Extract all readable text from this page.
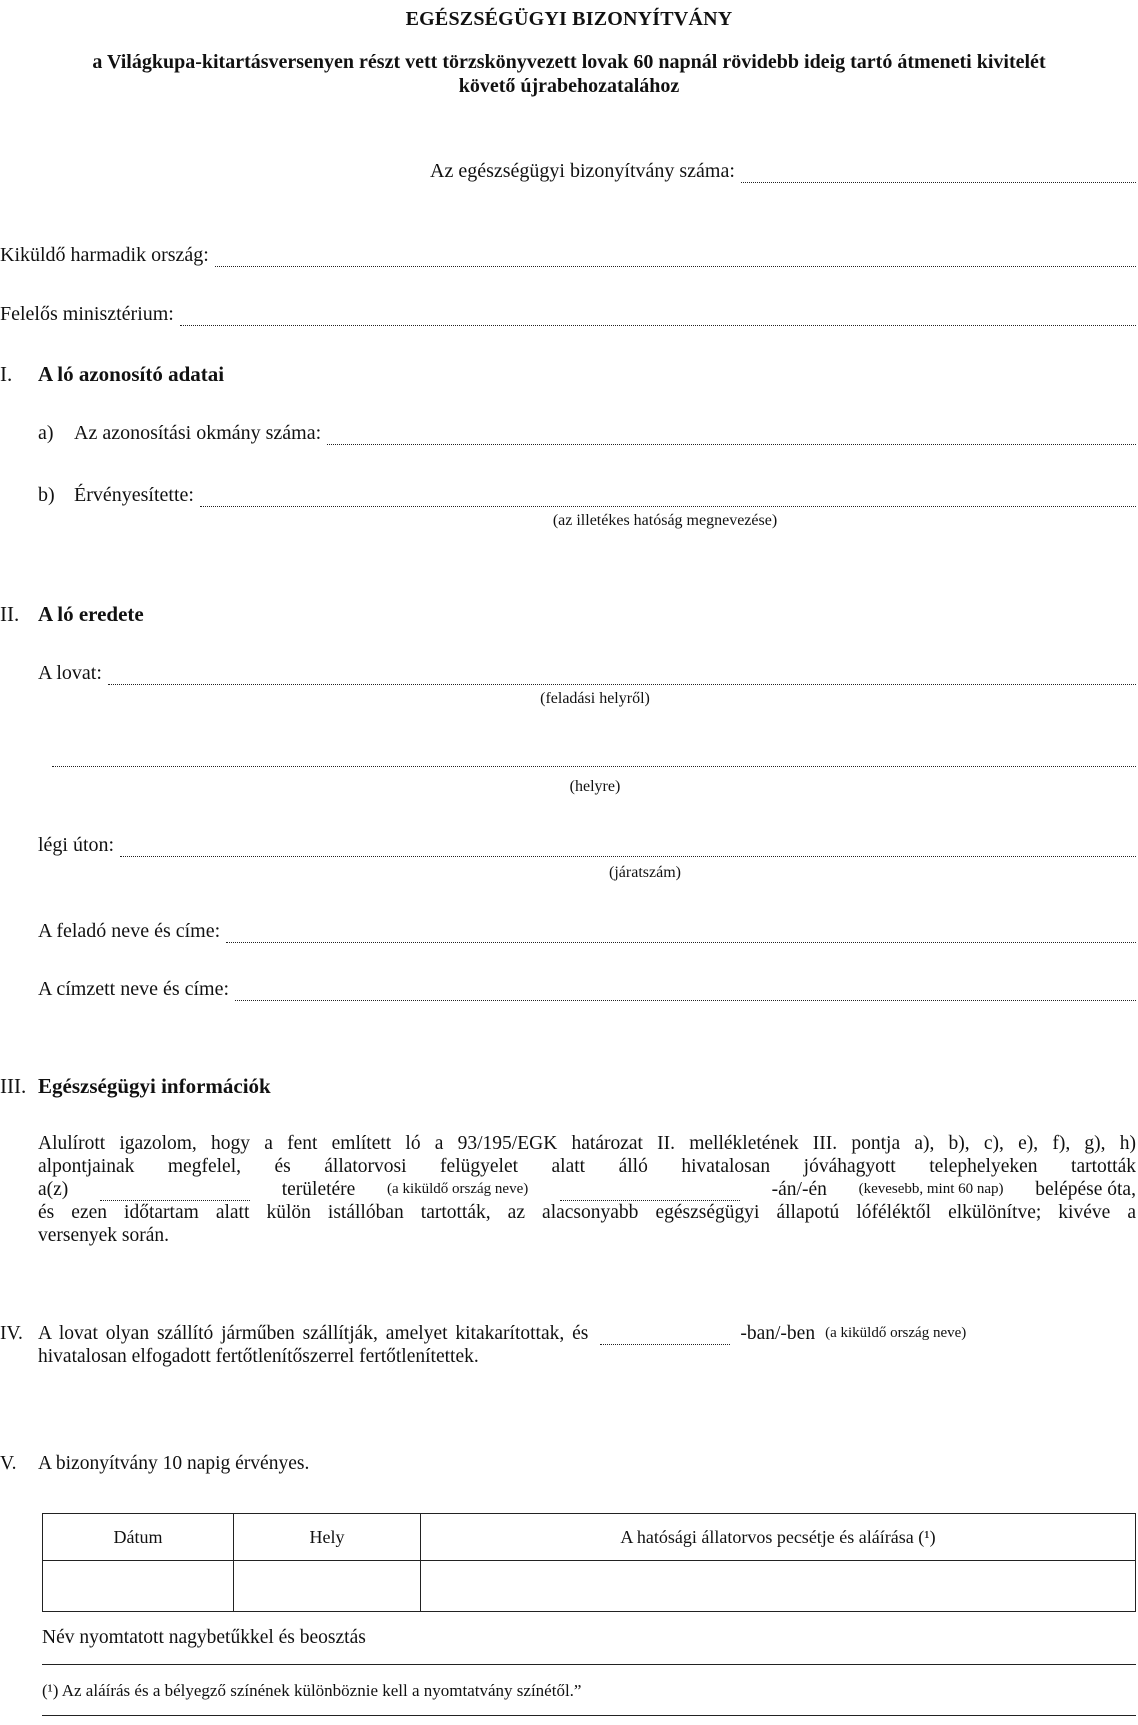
EGÉSZSÉGÜGYI BIZONYÍTVÁNY
a Világkupa-kitartásversenyen részt vett törzskönyvezett lovak 60 napnál rövidebb ideig tartó átmeneti kivitelét
követő újrabehozatalához
Az egészségügyi bizonyítvány száma:
Kiküldő harmadik ország:
Felelős minisztérium:
I. A ló azonosító adatai
a)	Az azonosítási okmány száma:
b) Érvényesítette:
(az illetékes hatóság megnevezése)
II. A ló eredete
A lovat:
(feladási helyről)
(helyre)
légi úton:
(járatszám)
A feladó neve és címe:
A címzett neve és címe:
III. Egészségügyi információk
Alulírott igazolom, hogy a fent említett ló a 93/195/EGK határozat II. mellékletének III. pontja a), b), c), e), f), g), h)
alpontjainak megfelel, és állatorvosi felügyelet alatt álló hivatalosan jóváhagyott telephelyeken tartották
a(z)	területére (a kiküldő ország neve)	-án/-én (kevesebb, mint 60 nap) belépése óta,
és ezen időtartam alatt külön istállóban tartották, az alacsonyabb egészségügyi állapotú lóféléktől elkülönítve; kivéve a
versenyek során.
IV. A lovat olyan szállító járműben szállítják, amelyet kitakarítottak, és	-ban/-ben (a kiküldő ország neve)
hivatalosan elfogadott fertőtlenítőszerrel fertőtlenítettek.
V. A bizonyítvány 10 napig érvényes.
Dátum	Hely	A hatósági állatorvos pecsétje és aláírása (¹)

Név nyomtatott nagybetűkkel és beosztás
(¹) Az aláírás és a bélyegző színének különböznie kell a nyomtatvány színétől.”
